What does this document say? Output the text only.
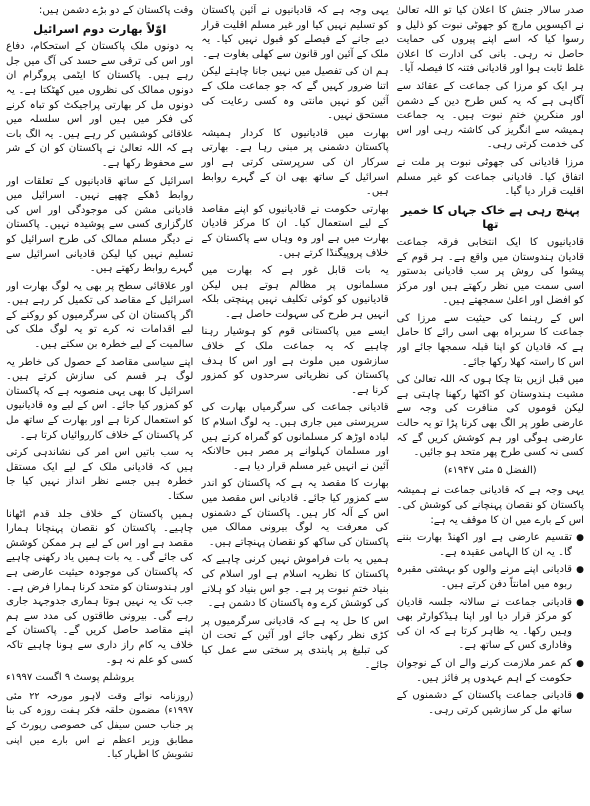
صدر سالار جنش کا اعلان کیا تو اللہ تعالیٰ نے اکیسویں مارچ کو جھوٹی نبوت کو ذلیل و رسوا کیا کہ اسے اپنے پیروں کی حمایت حاصل نہ رہی۔ بانی کی ادارت کا اعلان غلط ثابت ہوا اور قادیانی فتنہ کا فیصلہ آیا۔

ہر ایک کو مرزا کی جماعت کے عقائد سے آگاہی ہے کہ یہ کس طرح دین کے دشمن اور منکرینِ ختمِ نبوت ہیں۔ یہ جماعت ہمیشہ سے انگریز کی کاشتہ رہی اور اس کی خدمت کرتی رہی۔

مرزا قادیانی کی جھوٹی نبوت پر ملت نے اتفاق کیا۔ قادیانی جماعت کو غیر مسلم اقلیت قرار دیا گیا۔

پہنچ رہی ہے خاک جہاں کا خمیر تھا

قادیانیوں کا ایک انتخابی فرقہ جماعت قادیان ہندوستان میں واقع ہے۔ ہر قوم کے پیشوا کی روش پر سب قادیانی بدستور اسی سمت میں نظر رکھتے ہیں اور مرکز کو افضل اور اعلیٰ سمجھتے ہیں۔

اس کے رہنما کی حیثیت سے مرزا کی جماعت کا سربراہ بھی اسی رائے کا حامل ہے کہ قادیان کو اپنا قبلہ سمجھا جائے اور اس کا راستہ کھلا رکھا جائے۔

میں قبل ازیں بتا چکا ہوں کہ اللہ تعالیٰ کی مشیت ہندوستان کو اکٹھا رکھنا چاہتی ہے لیکن قوموں کی منافرت کی وجہ سے عارضی طور پر الگ بھی کرنا پڑا تو یہ حالت عارضی ہوگی اور ہم کوشش کریں گے کہ کسی نہ کسی طرح پھر متحد ہو جائیں۔

(الفضل ۵ مئی ۱۹۴۷ء)

یہی وجہ ہے کہ قادیانی جماعت نے ہمیشہ پاکستان کو نقصان پہنچانے کی کوشش کی۔ اس کے بارے میں ان کا موقف یہ ہے:

● تقسیم عارضی ہے اور اکھنڈ بھارت بننے گا۔ یہ ان کا الہامی عقیدہ ہے۔
● قادیانی اپنے مرنے والوں کو بہشتی مقبرہ ربوہ میں امانتاً دفن کرتے ہیں۔
● قادیانی جماعت نے سالانہ جلسہ قادیان کو مرکز قرار دیا اور اپنا ہیڈکوارٹر بھی وہیں رکھا۔ یہ ظاہر کرتا ہے کہ ان کی وفاداری کس کے ساتھ ہے۔
● کم عمر ملازمت کرنے والے ان کے نوجوان حکومت کے اہم عہدوں پر فائز ہیں۔
● قادیانی جماعت پاکستان کے دشمنوں کے ساتھ مل کر سازشیں کرتی رہی۔

یہی وجہ ہے کہ قادیانیوں نے آئین پاکستان کو تسلیم نہیں کیا اور غیر مسلم اقلیت قرار دیے جانے کے فیصلے کو قبول نہیں کیا۔ یہ ملک کے آئین اور قانون سے کھلی بغاوت ہے۔

ہم ان کی تفصیل میں نہیں جانا چاہتے لیکن اتنا ضرور کہیں گے کہ جو جماعت ملک کے آئین کو نہیں مانتی وہ کسی رعایت کی مستحق نہیں۔

بھارت میں قادیانیوں کا کردار ہمیشہ پاکستان دشمنی پر مبنی رہا ہے۔ بھارتی سرکار ان کی سرپرستی کرتی ہے اور اسرائیل کے ساتھ بھی ان کے گہرے روابط ہیں۔

بھارتی حکومت نے قادیانیوں کو اپنے مقاصد کے لیے استعمال کیا۔ ان کا مرکز قادیان بھارت میں ہے اور وہ وہاں سے پاکستان کے خلاف پروپیگنڈا کرتے ہیں۔

یہ بات قابل غور ہے کہ بھارت میں مسلمانوں پر مظالم ہوتے ہیں لیکن قادیانیوں کو کوئی تکلیف نہیں پہنچتی بلکہ انہیں ہر طرح کی سہولت حاصل ہے۔

ایسے میں پاکستانی قوم کو ہوشیار رہنا چاہیے کہ یہ جماعت ملک کے خلاف سازشوں میں ملوث ہے اور اس کا ہدف پاکستان کی نظریاتی سرحدوں کو کمزور کرنا ہے۔

قادیانی جماعت کی سرگرمیاں بھارت کی سرپرستی میں جاری ہیں۔ یہ لوگ اسلام کا لبادہ اوڑھ کر مسلمانوں کو گمراہ کرتے ہیں اور مسلمان کہلوانے پر مصر ہیں حالانکہ آئین نے انہیں غیر مسلم قرار دیا ہے۔

بھارت کا مقصد یہ ہے کہ پاکستان کو اندر سے کمزور کیا جائے۔ قادیانی اس مقصد میں اس کے آلہ کار ہیں۔ پاکستان کے دشمنوں کی معرفت یہ لوگ بیرونی ممالک میں پاکستان کی ساکھ کو نقصان پہنچاتے ہیں۔

ہمیں یہ بات فراموش نہیں کرنی چاہیے کہ پاکستان کا نظریہ اسلام ہے اور اسلام کی بنیاد ختمِ نبوت پر ہے۔ جو اس بنیاد کو ہلانے کی کوشش کرے وہ پاکستان کا دشمن ہے۔

اس کا حل یہ ہے کہ قادیانی سرگرمیوں پر کڑی نظر رکھی جائے اور آئین کے تحت ان کی تبلیغ پر پابندی پر سختی سے عمل کیا جائے۔

وقت پاکستان کے دو بڑے دشمن ہیں:

اوّلاً بھارت دوم اسرائیل

یہ دونوں ملک پاکستان کے استحکام، دفاع اور اس کی ترقی سے حسد کی آگ میں جل رہے ہیں۔ پاکستان کا ایٹمی پروگرام ان دونوں ممالک کی نظروں میں کھٹکتا ہے۔ یہ دونوں مل کر بھارتی پراجیکٹ کو تباہ کرنے کی فکر میں ہیں اور اس سلسلہ میں علاقائی کوششیں کر رہے ہیں۔ یہ الگ بات ہے کہ اللہ تعالیٰ نے پاکستان کو ان کے شر سے محفوظ رکھا ہے۔

اسرائیل کے ساتھ قادیانیوں کے تعلقات اور روابط ڈھکے چھپے نہیں۔ اسرائیل میں قادیانی مشن کی موجودگی اور اس کی کارگزاری کسی سے پوشیدہ نہیں۔ پاکستان نے دیگر مسلم ممالک کی طرح اسرائیل کو تسلیم نہیں کیا لیکن قادیانی اسرائیل سے گہرے روابط رکھتے ہیں۔

اور علاقائی سطح پر بھی یہ لوگ بھارت اور اسرائیل کے مقاصد کی تکمیل کر رہے ہیں۔ اگر پاکستان ان کی سرگرمیوں کو روکنے کے لیے اقدامات نہ کرے تو یہ لوگ ملک کی سالمیت کے لیے خطرہ بن سکتے ہیں۔

اپنے سیاسی مقاصد کے حصول کی خاطر یہ لوگ ہر قسم کی سازش کرتے ہیں۔ اسرائیل کا بھی یہی منصوبہ ہے کہ پاکستان کو کمزور کیا جائے۔ اس کے لیے وہ قادیانیوں کو استعمال کرتا ہے اور بھارت کے ساتھ مل کر پاکستان کے خلاف کارروائیاں کرتا ہے۔

یہ سب باتیں اس امر کی نشاندہی کرتی ہیں کہ قادیانی ملک کے لیے ایک مستقل خطرہ ہیں جسے نظر انداز نہیں کیا جا سکتا۔

ہمیں پاکستان کے خلاف جلد قدم اٹھانا چاہیے۔ پاکستان کو نقصان پہنچانا ہمارا مقصد ہے اور اس کے لیے ہر ممکن کوشش کی جائے گی۔ یہ بات ہمیں یاد رکھنی چاہیے کہ پاکستان کی موجودہ حیثیت عارضی ہے اور ہندوستان کو متحد کرنا ہمارا فرض ہے۔ جب تک یہ نہیں ہوتا ہماری جدوجہد جاری رہے گی۔ بیرونی طاقتوں کی مدد سے ہم اپنے مقاصد حاصل کریں گے۔ پاکستان کے خلاف یہ کام راز داری سے ہونا چاہیے تاکہ کسی کو علم نہ ہو۔

یروشلم پوسٹ ۹ اگست ۱۹۹۷ء

(روزنامہ نوائے وقت لاہور مورخہ ۲۲ مئی ۱۹۹۷ء) مضمون حلقہ فکر ہفت روزہ کی بنا پر جناب حسن سیفل کی خصوصی رپورٹ کے مطابق وزیر اعظم نے اس بارے میں اپنی تشویش کا اظہار کیا۔
